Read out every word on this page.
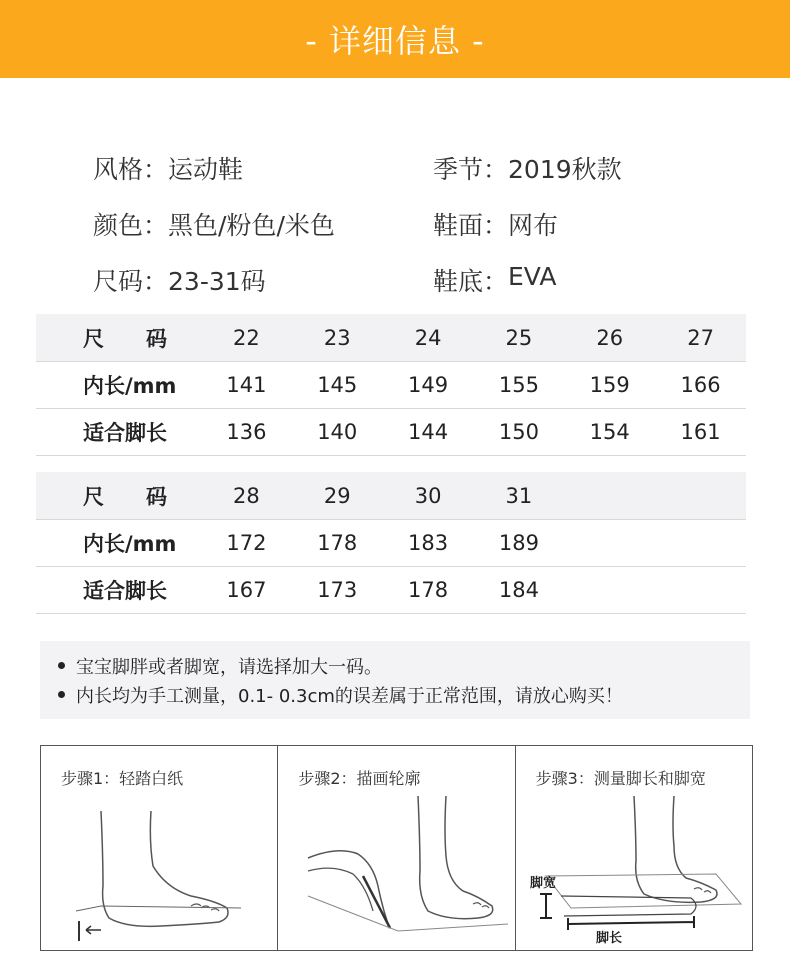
- 详细信息 -
风格： 运动鞋	季节： 2019秋款
颜色： 黑色/粉色/米色	鞋面： 网布
尺码： 23-31码	鞋底： EVA
尺　　码	22	23	24	25	26	27
内长/mm	141	145	149	155	159	166
适合脚长	136	140	144	150	154	161
尺　　码	28	29	30	31		
内长/mm	172	178	183	189		
适合脚长	167	173	178	184		
宝宝脚胖或者脚宽，请选择加大一码。
内长均为手工测量，0.1- 0.3cm的误差属于正常范围，请放心购买！
步骤1：轻踏白纸	步骤2：描画轮廓	步骤3：测量脚长和脚宽
脚宽
脚长
